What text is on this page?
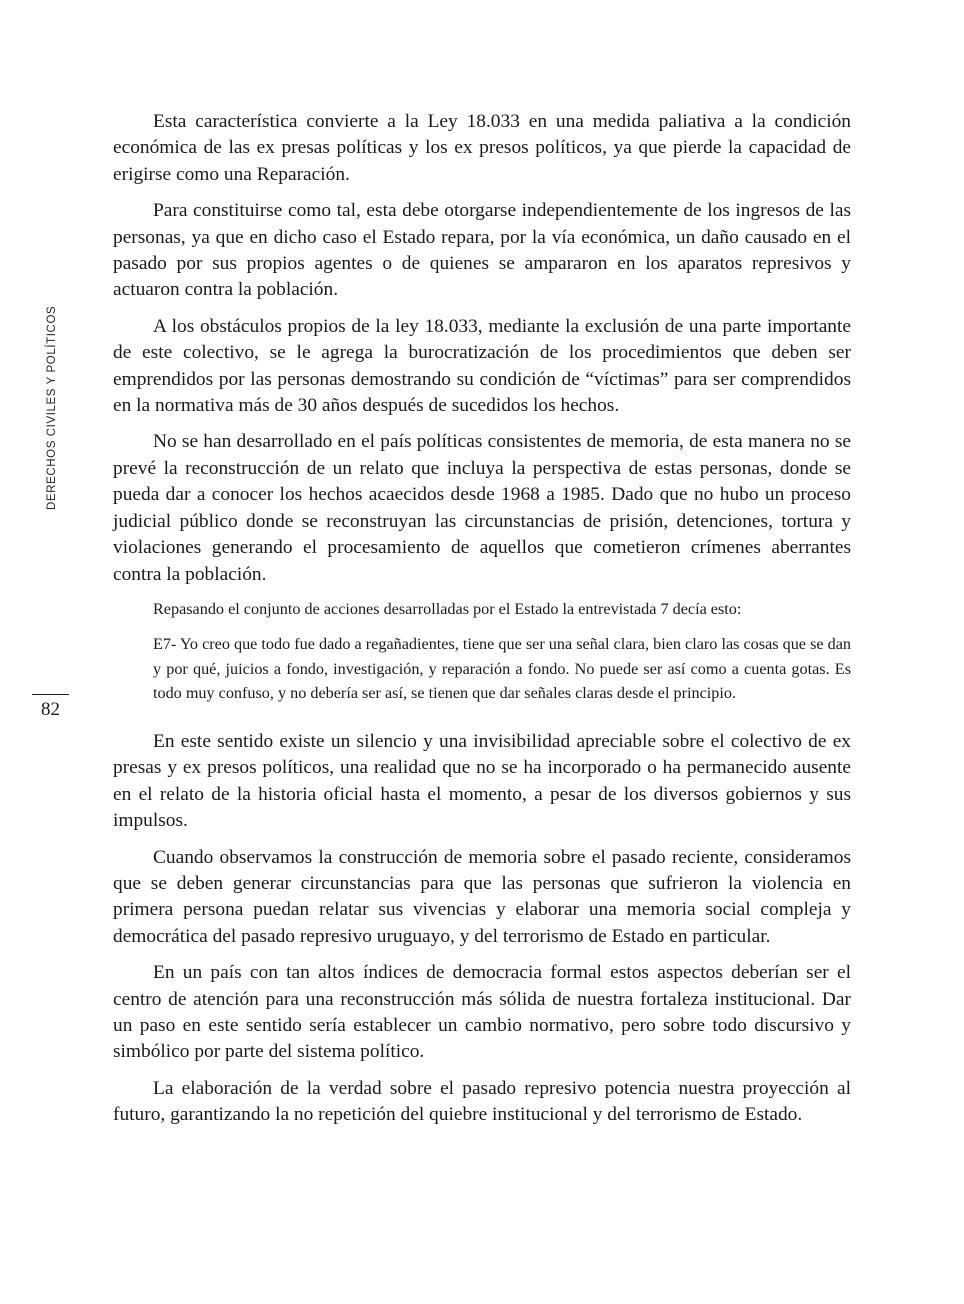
DERECHOS CIVILES Y POLÍTICOS
82

Esta característica convierte a la Ley 18.033 en una medida paliativa a la condición económica de las ex presas políticas y los ex presos políticos, ya que pierde la capacidad de erigirse como una Reparación.

Para constituirse como tal, esta debe otorgarse independientemente de los ingresos de las personas, ya que en dicho caso el Estado repara, por la vía económica, un daño causado en el pasado por sus propios agentes o de quienes se ampararon en los aparatos represivos y actuaron contra la población.

A los obstáculos propios de la ley 18.033, mediante la exclusión de una parte importante de este colectivo, se le agrega la burocratización de los procedimientos que deben ser emprendidos por las personas demostrando su condición de “víctimas” para ser comprendidos en la normativa más de 30 años después de sucedidos los hechos.

No se han desarrollado en el país políticas consistentes de memoria, de esta manera no se prevé la reconstrucción de un relato que incluya la perspectiva de estas personas, donde se pueda dar a conocer los hechos acaecidos desde 1968 a 1985. Dado que no hubo un proceso judicial público donde se reconstruyan las circunstancias de prisión, detenciones, tortura y violaciones generando el procesamiento de aquellos que cometieron crímenes aberrantes contra la población.

Repasando el conjunto de acciones desarrolladas por el Estado la entrevistada 7 decía esto:

E7- Yo creo que todo fue dado a regañadientes, tiene que ser una señal clara, bien claro las cosas que se dan y por qué, juicios a fondo, investigación, y reparación a fondo. No puede ser así como a cuenta gotas. Es todo muy confuso, y no debería ser así, se tienen que dar señales claras desde el principio.

En este sentido existe un silencio y una invisibilidad apreciable sobre el colectivo de ex presas y ex presos políticos, una realidad que no se ha incorporado o ha permanecido ausente en el relato de la historia oficial hasta el momento, a pesar de los diversos gobiernos y sus impulsos.

Cuando observamos la construcción de memoria sobre el pasado reciente, consideramos que se deben generar circunstancias para que las personas que sufrieron la violencia en primera persona puedan relatar sus vivencias y elaborar una memoria social compleja y democrática del pasado represivo uruguayo, y del terrorismo de Estado en particular.

En un país con tan altos índices de democracia formal estos aspectos deberían ser el centro de atención para una reconstrucción más sólida de nuestra fortaleza institucional. Dar un paso en este sentido sería establecer un cambio normativo, pero sobre todo discursivo y simbólico por parte del sistema político.

La elaboración de la verdad sobre el pasado represivo potencia nuestra proyección al futuro, garantizando la no repetición del quiebre institucional y del terrorismo de Estado.
